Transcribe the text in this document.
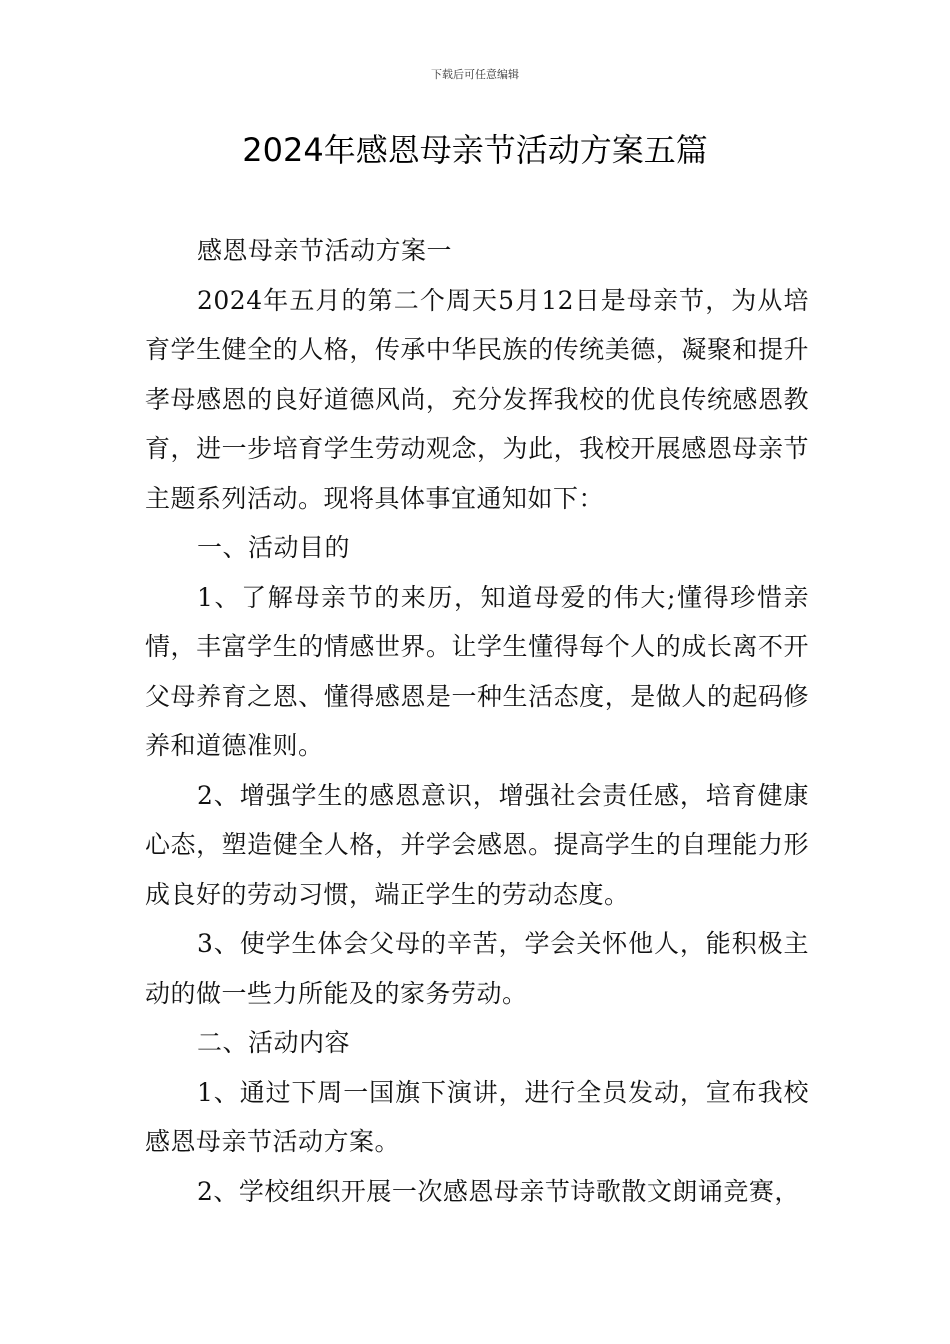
下载后可任意编辑
2024年感恩母亲节活动方案五篇

感恩母亲节活动方案一

2024年五月的第二个周天5月12日是母亲节，为从培育学生健全的人格，传承中华民族的传统美德，凝聚和提升孝母感恩的良好道德风尚，充分发挥我校的优良传统感恩教育，进一步培育学生劳动观念，为此，我校开展感恩母亲节主题系列活动。现将具体事宜通知如下：

一、活动目的

1、了解母亲节的来历，知道母爱的伟大;懂得珍惜亲情，丰富学生的情感世界。让学生懂得每个人的成长离不开父母养育之恩、懂得感恩是一种生活态度，是做人的起码修养和道德准则。

2、增强学生的感恩意识，增强社会责任感，培育健康心态，塑造健全人格，并学会感恩。提高学生的自理能力形成良好的劳动习惯，端正学生的劳动态度。

3、使学生体会父母的辛苦，学会关怀他人，能积极主动的做一些力所能及的家务劳动。

二、活动内容

1、通过下周一国旗下演讲，进行全员发动，宣布我校感恩母亲节活动方案。

2、学校组织开展一次感恩母亲节诗歌散文朗诵竞赛，
